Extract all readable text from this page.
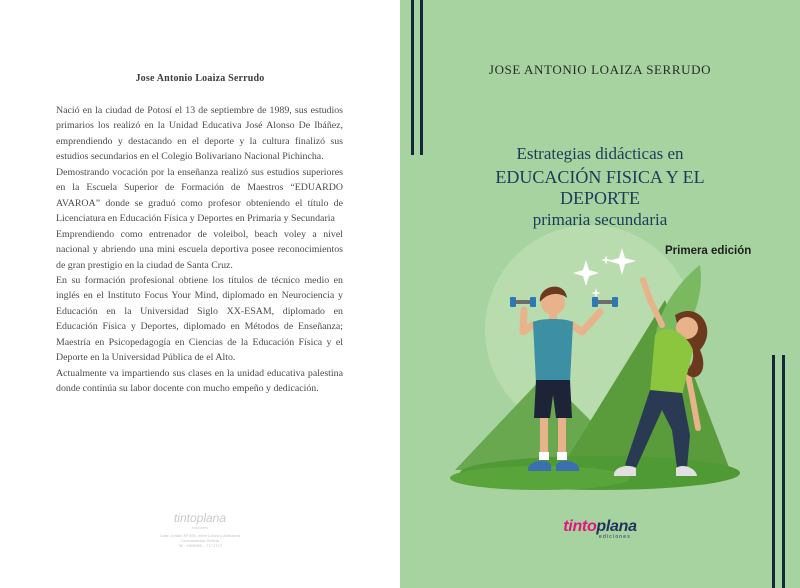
Jose Antonio Loaiza Serrudo

Nació en la ciudad de Potosí el 13 de septiembre de 1989, sus estudios primarios los realizó en la Unidad Educativa José Alonso De Ibáñez, emprendiendo y destacando en el deporte y la cultura finalizó sus estudios secundarios en el Colegio Bolivariano Nacional Pichincha.

Demostrando vocación por la enseñanza realizó sus estudios superiores en la Escuela Superior de Formación de Maestros “EDUARDO AVAROA” donde se graduó como profesor obteniendo el título de Licenciatura en Educación Física y Deportes en Primaria y Secundaria

Emprendiendo como entrenador de voleibol, beach voley a nivel nacional y abriendo una mini escuela deportiva posee reconocimientos de gran prestigio en la ciudad de Santa Cruz.

En su formación profesional obtiene los títulos de técnico medio en inglés en el Instituto Focus Your Mind, diplomado en Neurociencia y Educación en la Universidad Siglo XX-ESAM, diplomado en Educación Física y Deportes, diplomado en Métodos de Enseñanza; Maestría en Psicopedagogía en Ciencias de la Educación Física y el Deporte en la Universidad Pública de el Alto.

Actualmente va impartiendo sus clases en la unidad educativa palestina donde continúa su labor docente con mucho empeño y dedicación.

tintoplana
ediciones
Calle Jordán Nº 555, entre Lanza y Antezana
Cochabamba, Bolivia
Tel.: 4505050 – 7171717
JOSE ANTONIO LOAIZA SERRUDO
Estrategias didácticas en
EDUCACIÓN FISICA Y EL
DEPORTE
primaria secundaria
Primera edición
tintoplana
ediciones
